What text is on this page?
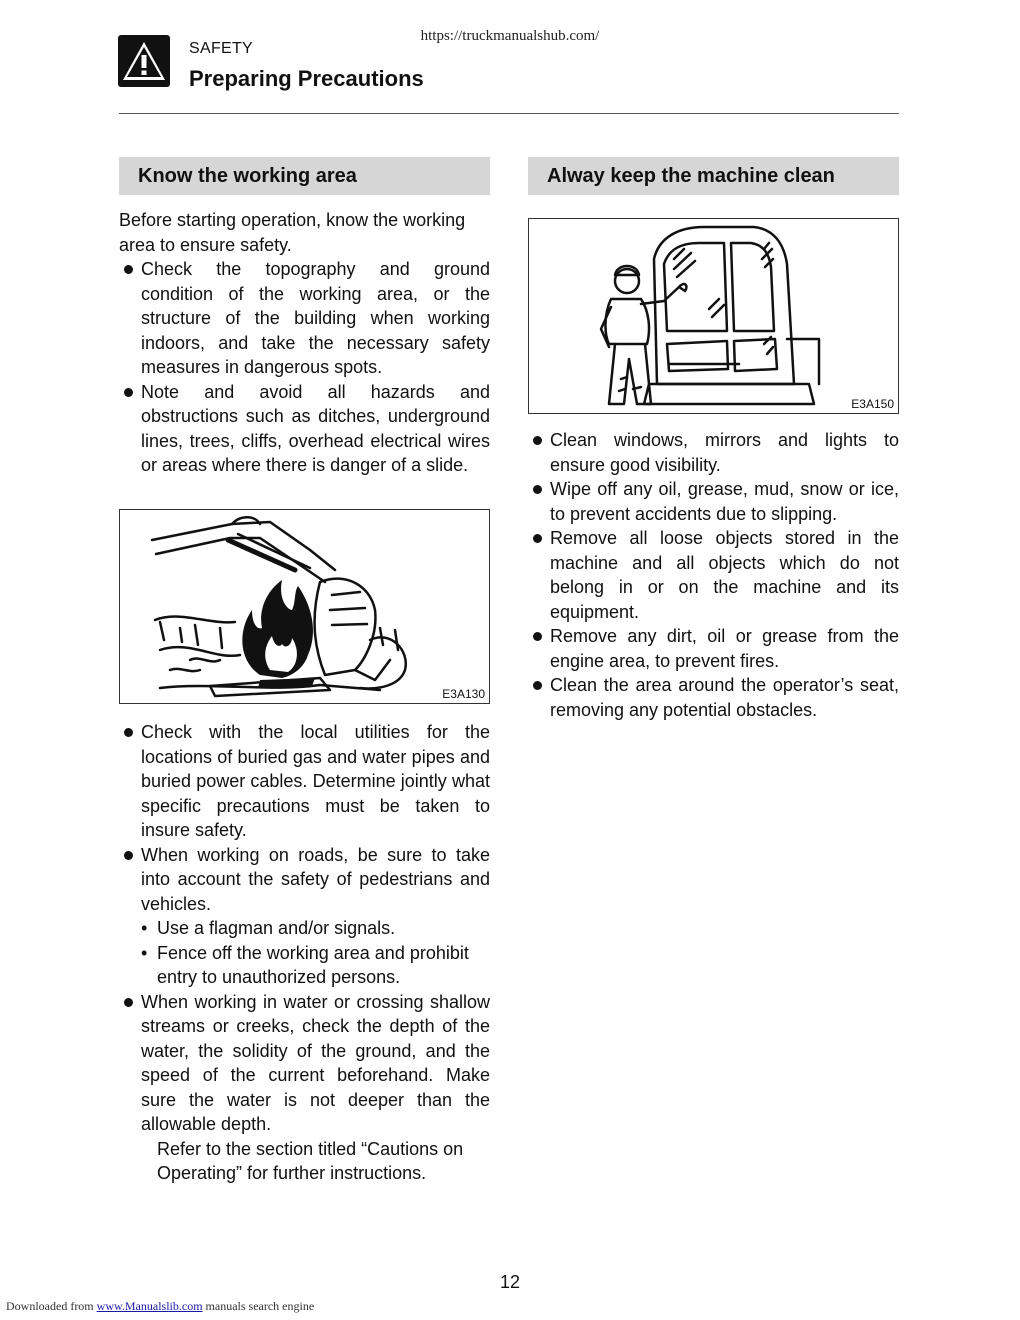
https://truckmanualshub.com/
SAFETY
Preparing Precautions
Know the working area

Before starting operation, know the working area to ensure safety.

Check the topography and ground condition of the working area, or the structure of the building when working indoors, and take the necessary safety measures in dangerous spots.

Note and avoid all hazards and obstructions such as ditches, underground lines, trees, cliffs, overhead electrical wires or areas where there is danger of a slide.

E3A130

Check with the local utilities for the locations of buried gas and water pipes and buried power cables. Determine jointly what specific precautions must be taken to insure safety.

When working on roads, be sure to take into account the safety of pedestrians and vehicles.

• Use a flagman and/or signals.

• Fence off the working area and prohibit entry to unauthorized persons.

When working in water or crossing shallow streams or creeks, check the depth of the water, the solidity of the ground, and the speed of the current beforehand. Make sure the water is not deeper than the allowable depth.

Refer to the section titled “Cautions on Operating” for further instructions.

Alway keep the machine clean
E3A150

Clean windows, mirrors and lights to ensure good visibility.

Wipe off any oil, grease, mud, snow or ice, to prevent accidents due to slipping.

Remove all loose objects stored in the machine and all objects which do not belong in or on the machine and its equipment.

Remove any dirt, oil or grease from the engine area, to prevent fires.

Clean the area around the operator’s seat, removing any potential obstacles.

12
Downloaded from www.Manualslib.com manuals search engine
